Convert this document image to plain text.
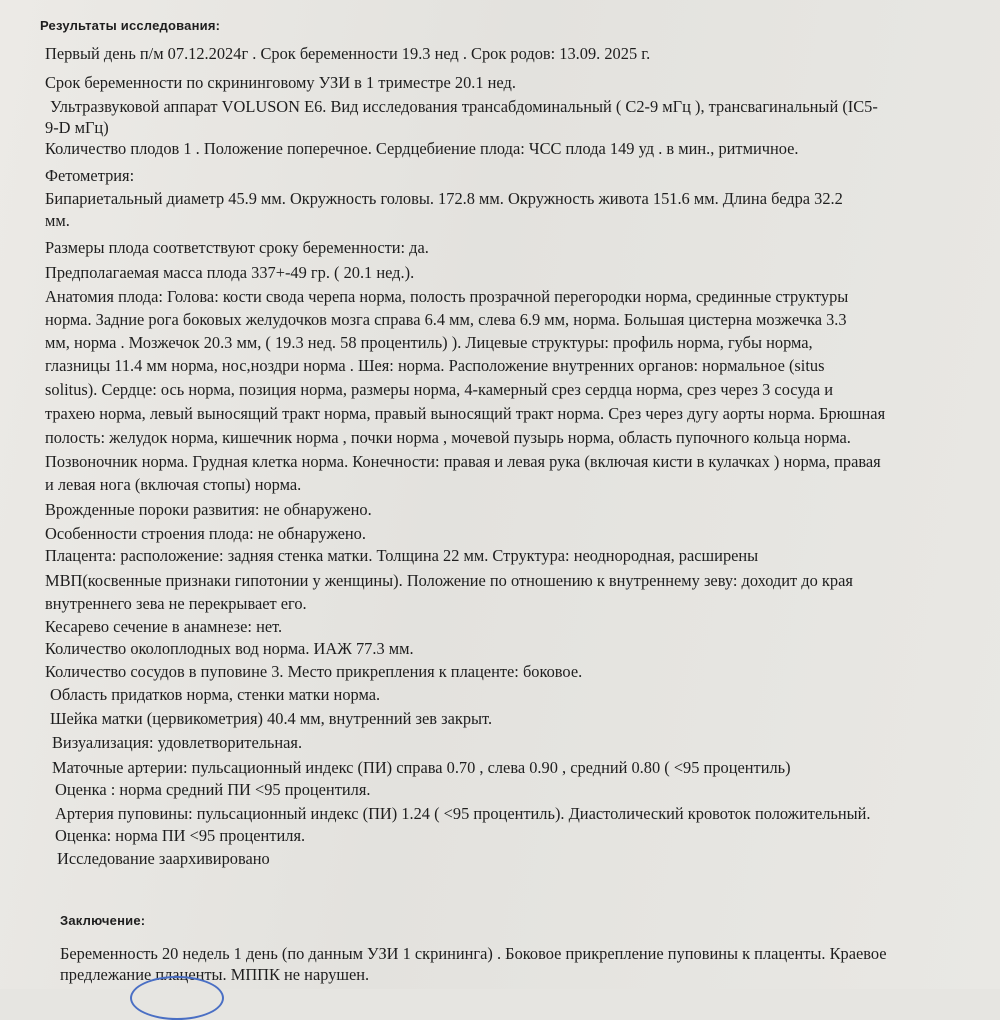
Результаты исследования:
Первый день п/м 07.12.2024г . Срок беременности 19.3 нед . Срок родов: 13.09. 2025 г.
Срок беременности по скрининговому УЗИ в 1 триместре 20.1 нед.
Ультразвуковой аппарат VOLUSON E6. Вид исследования трансабдоминальный ( C2-9 мГц ), трансвагинальный (IC5-
9-D мГц)
Количество плодов 1 . Положение поперечное. Сердцебиение плода: ЧСС плода 149 уд . в мин., ритмичное.
Фетометрия:
Бипариетальный диаметр 45.9 мм. Окружность головы. 172.8 мм. Окружность живота 151.6 мм. Длина бедра 32.2
мм.
Размеры плода соответствуют сроку беременности: да.
Предполагаемая масса плода 337+-49 гр. ( 20.1 нед.).
Анатомия плода: Голова: кости свода черепа норма, полость прозрачной перегородки норма, срединные структуры
норма. Задние рога боковых желудочков мозга справа 6.4 мм, слева 6.9 мм, норма. Большая цистерна мозжечка 3.3
мм, норма . Мозжечок 20.3 мм, ( 19.3 нед. 58 процентиль) ). Лицевые структуры: профиль норма, губы норма,
глазницы 11.4 мм норма, нос,ноздри норма . Шея: норма. Расположение внутренних органов: нормальное (situs
solitus). Сердце: ось норма, позиция норма, размеры норма, 4-камерный срез сердца норма, срез через 3 сосуда и
трахею норма, левый выносящий тракт норма, правый выносящий тракт норма. Срез через дугу аорты норма. Брюшная
полость: желудок норма, кишечник норма , почки норма , мочевой пузырь норма, область пупочного кольца норма.
Позвоночник норма. Грудная клетка норма. Конечности: правая и левая рука (включая кисти в кулачках ) норма, правая
и левая нога (включая стопы) норма.
Врожденные пороки развития: не обнаружено.
Особенности строения плода: не обнаружено.
Плацента: расположение: задняя стенка матки. Толщина 22 мм. Структура: неоднородная, расширены
МВП(косвенные признаки гипотонии у женщины). Положение по отношению к внутреннему зеву: доходит до края
внутреннего зева не перекрывает его.
Кесарево сечение в анамнезе: нет.
Количество околоплодных вод норма. ИАЖ 77.3 мм.
Количество сосудов в пуповине 3. Место прикрепления к плаценте: боковое.
Область придатков норма, стенки матки норма.
Шейка матки (цервикометрия) 40.4 мм, внутренний зев закрыт.
Визуализация: удовлетворительная.
Маточные артерии: пульсационный индекс (ПИ) справа 0.70 , слева 0.90 , средний 0.80 ( <95 процентиль)
Оценка : норма средний ПИ <95 процентиля.
Артерия пуповины: пульсационный индекс (ПИ) 1.24 ( <95 процентиль). Диастолический кровоток положительный.
Оценка: норма ПИ <95 процентиля.
Исследование заархивировано
Заключение:
Беременность 20 недель 1 день (по данным УЗИ 1 скрининга) . Боковое прикрепление пуповины к плаценты. Краевое
предлежание плаценты. МППК не нарушен.
